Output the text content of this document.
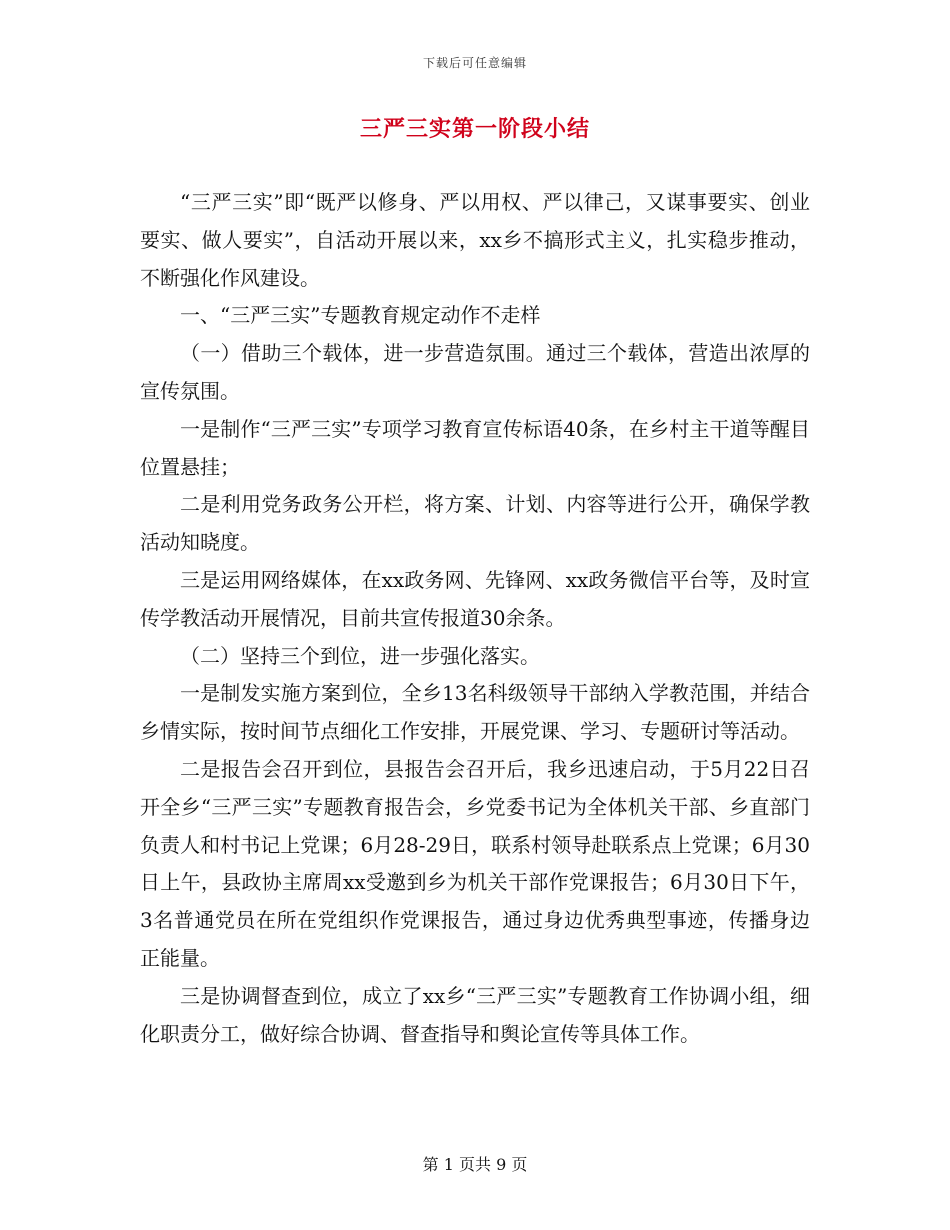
下载后可任意编辑
三严三实第一阶段小结

“三严三实”即“既严以修身、严以用权、严以律己，又谋事要实、创业要实、做人要实”，自活动开展以来，xx乡不搞形式主义，扎实稳步推动，不断强化作风建设。

一、“三严三实”专题教育规定动作不走样

（一）借助三个载体，进一步营造氛围。通过三个载体，营造出浓厚的宣传氛围。

一是制作“三严三实”专项学习教育宣传标语40条，在乡村主干道等醒目位置悬挂；

二是利用党务政务公开栏，将方案、计划、内容等进行公开，确保学教活动知晓度。

三是运用网络媒体，在xx政务网、先锋网、xx政务微信平台等，及时宣传学教活动开展情况，目前共宣传报道30余条。

（二）坚持三个到位，进一步强化落实。

一是制发实施方案到位，全乡13名科级领导干部纳入学教范围，并结合乡情实际，按时间节点细化工作安排，开展党课、学习、专题研讨等活动。

二是报告会召开到位，县报告会召开后，我乡迅速启动，于5月22日召开全乡“三严三实”专题教育报告会，乡党委书记为全体机关干部、乡直部门负责人和村书记上党课；6月28-29日，联系村领导赴联系点上党课；6月30日上午，县政协主席周xx受邀到乡为机关干部作党课报告；6月30日下午，3名普通党员在所在党组织作党课报告，通过身边优秀典型事迹，传播身边正能量。

三是协调督查到位，成立了xx乡“三严三实”专题教育工作协调小组，细化职责分工，做好综合协调、督查指导和舆论宣传等具体工作。

第 1 页共 9 页
